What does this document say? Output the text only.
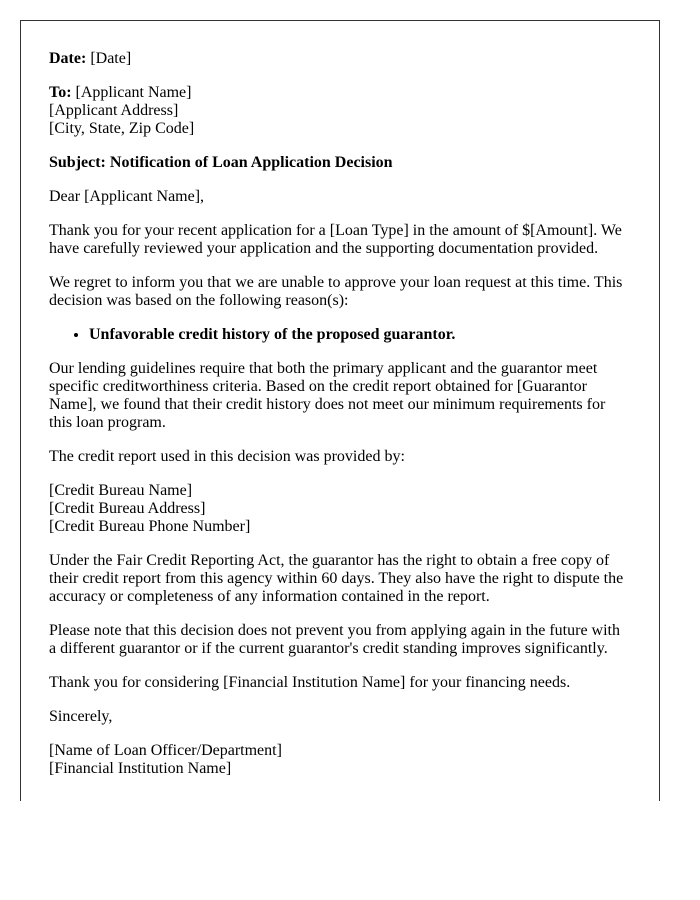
Date: [Date]

To: [Applicant Name]
[Applicant Address]
[City, State, Zip Code]

Subject: Notification of Loan Application Decision

Dear [Applicant Name],

Thank you for your recent application for a [Loan Type] in the amount of $[Amount]. We have carefully reviewed your application and the supporting documentation provided.

We regret to inform you that we are unable to approve your loan request at this time. This decision was based on the following reason(s):

• Unfavorable credit history of the proposed guarantor.

Our lending guidelines require that both the primary applicant and the guarantor meet specific creditworthiness criteria. Based on the credit report obtained for [Guarantor Name], we found that their credit history does not meet our minimum requirements for this loan program.

The credit report used in this decision was provided by:

[Credit Bureau Name]
[Credit Bureau Address]
[Credit Bureau Phone Number]

Under the Fair Credit Reporting Act, the guarantor has the right to obtain a free copy of their credit report from this agency within 60 days. They also have the right to dispute the accuracy or completeness of any information contained in the report.

Please note that this decision does not prevent you from applying again in the future with a different guarantor or if the current guarantor's credit standing improves significantly.

Thank you for considering [Financial Institution Name] for your financing needs.

Sincerely,

[Name of Loan Officer/Department]
[Financial Institution Name]
